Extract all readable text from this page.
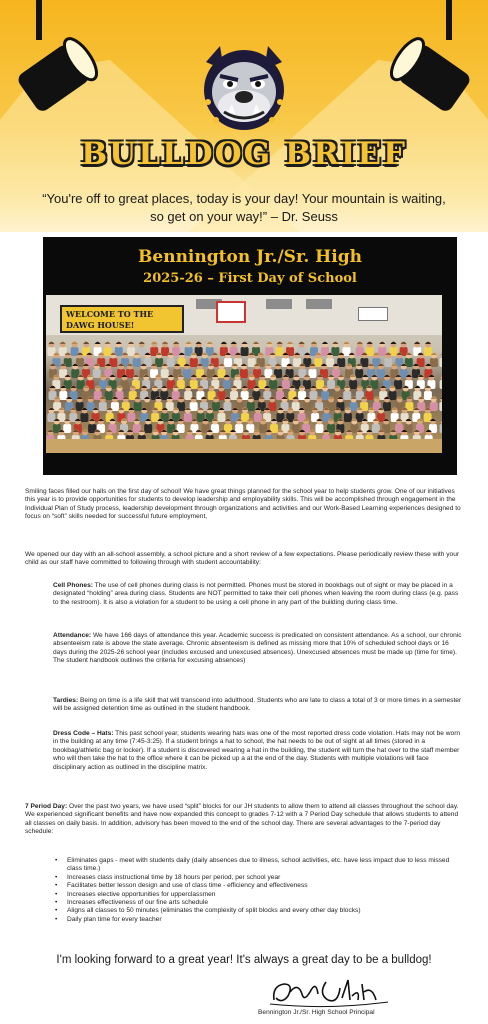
BULLDOG BRIEF
“You're off to great places, today is your day! Your mountain is waiting, so get on your way!” – Dr. Seuss
Bennington Jr./Sr. High
2025-26 – First Day of School
WELCOME TO THE DAWG HOUSE!
Smiling faces filled our halls on the first day of school! We have great things planned for the school year to help students grow. One of our initiatives this year is to provide opportunities for students to develop leadership and employability skills. This will be accomplished through engagement in the Individual Plan of Study process, leadership development through organizations and activities and our Work-Based Learning experiences designed to focus on “soft” skills needed for successful future employment,
We opened our day with an all-school assembly, a school picture and a short review of a few expectations. Please periodically review these with your child as our staff have committed to following through with student accountability:
Cell Phones: The use of cell phones during class is not permitted. Phones must be stored in bookbags out of sight or may be placed in a designated “holding” area during class. Students are NOT permitted to take their cell phones when leaving the room during class (e.g. pass to the restroom). It is also a violation for a student to be using a cell phone in any part of the building during class time.
Attendance: We have 166 days of attendance this year. Academic success is predicated on consistent attendance. As a school, our chronic absenteeism rate is above the state average. Chronic absenteeism is defined as missing more that 10% of scheduled school days or 16 days during the 2025-26 school year (includes excused and unexcused absences). Unexcused absences must be made up (time for time). The student handbook outlines the criteria for excusing absences)
Tardies: Being on time is a life skill that will transcend into adulthood. Students who are late to class a total of 3 or more times in a semester will be assigned detention time as outlined in the student handbook.
Dress Code – Hats: This past school year, students wearing hats was one of the most reported dress code violation. Hats may not be worn in the building at any time (7:45-3:25). If a student brings a hat to school, the hat needs to be out of sight at all times (stored in a bookbag/athletic bag or locker). If a student is discovered wearing a hat in the building, the student will turn the hat over to the staff member who will then take the hat to the office where it can be picked up a at the end of the day. Students with multiple violations will face disciplinary action as outlined in the discipline matrix.
7 Period Day: Over the past two years, we have used “split” blocks for our JH students to allow them to attend all classes throughout the school day. We experienced significant benefits and have now expanded this concept to grades 7-12 with a 7 Period Day schedule that allows students to attend all classes on daily basis. In addition, advisory has been moved to the end of the school day. There are several advantages to the 7-period day schedule:
• Eliminates gaps - meet with students daily (daily absences due to illness, school activities, etc. have less impact due to less missed class time.)
• Increases class instructional time by 18 hours per period, per school year
• Facilitates better lesson design and use of class time - efficiency and effectiveness
• Increases elective opportunities for upperclassmen
• Increases effectiveness of our fine arts schedule
• Aligns all classes to 50 minutes (eliminates the complexity of split blocks and every other day blocks)
• Daily plan time for every teacher
I'm looking forward to a great year! It's always a great day to be a bulldog!
Bennington Jr./Sr. High School Principal
